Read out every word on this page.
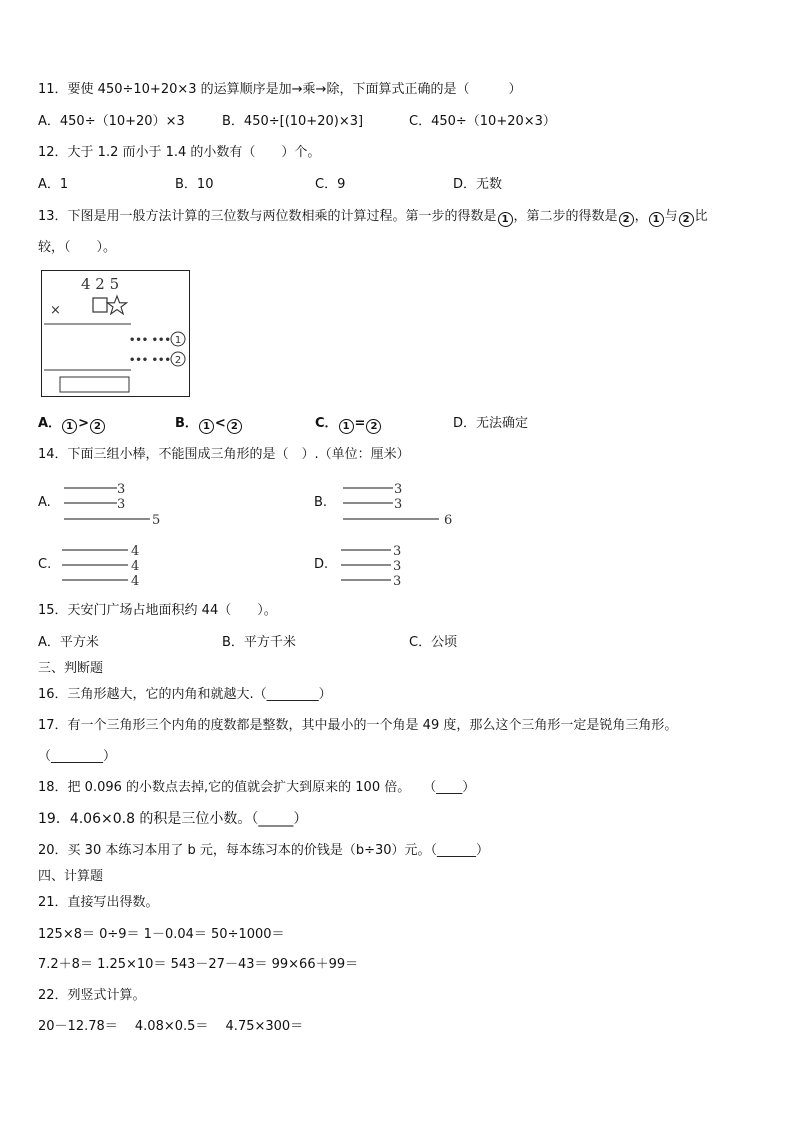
11．要使 450÷10+20×3 的运算顺序是加→乘→除，下面算式正确的是（　　　）
A．450÷（10+20）×3	B．450÷[(10+20)×3]	C．450÷（10+20×3）
12．大于 1.2 而小于 1.4 的小数有（　　）个。
A．1	B．10	C．9	D．无数
13．下图是用一般方法计算的三位数与两位数相乘的计算过程。第一步的得数是 1 ，第二步的得数是 2 ， 1 与 2 比
较，（　　）。
4 2 5
×
••• ••• 1
••• ••• 2
A． 1 > 2	B． 1 < 2	C． 1 = 2	D．无法确定
14．下面三组小棒，不能围成三角形的是（　）.（单位：厘米）
A.
3
3
5
B.
3
3
6
C.
4
4
4
D.
3
3
3
15．天安门广场占地面积约 44（　　）。
A．平方米	B．平方千米	C．公顷
三、判断题
16．三角形越大，它的内角和就越大.（________）
17．有一个三角形三个内角的度数都是整数，其中最小的一个角是 49 度，那么这个三角形一定是锐角三角形。
（________）
18．把 0.096 的小数点去掉,它的值就会扩大到原来的 100 倍。　　（____）
19．4.06×0.8 的积是三位小数。（_____）
20．买 30 本练习本用了 b 元，每本练习本的价钱是（b÷30）元。（______）
四、计算题
21．直接写出得数。
125×8＝ 0÷9＝ 1－0.04＝ 50÷1000＝
7.2＋8＝ 1.25×10＝ 543－27－43＝ 99×66＋99＝
22．列竖式计算。
20－12.78＝　 4.08×0.5＝　 4.75×300＝
